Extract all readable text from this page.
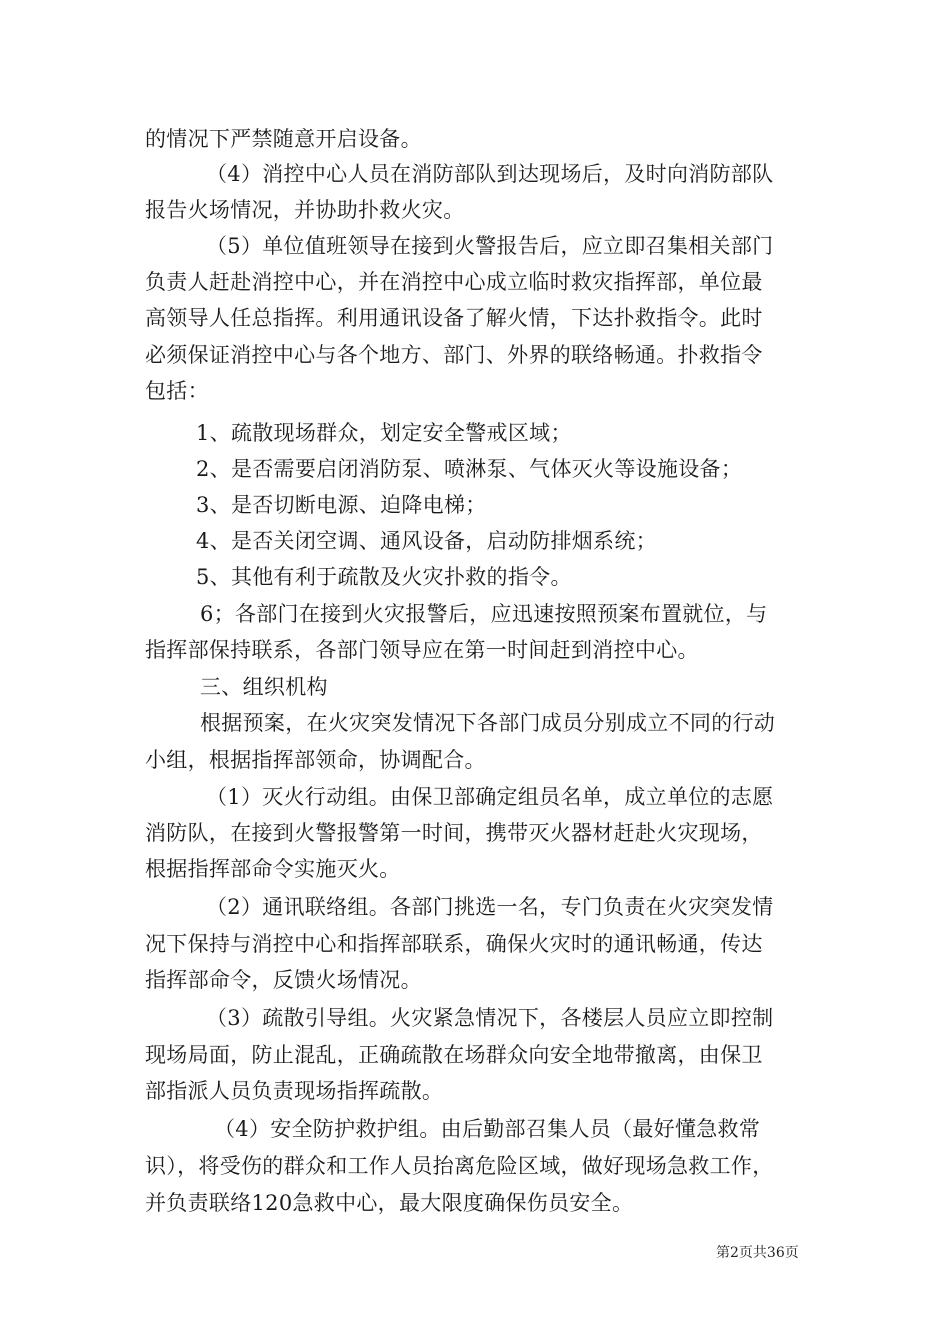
的情况下严禁随意开启设备。
（4）消控中心人员在消防部队到达现场后，及时向消防部队
报告火场情况，并协助扑救火灾。
（5）单位值班领导在接到火警报告后，应立即召集相关部门
负责人赶赴消控中心，并在消控中心成立临时救灾指挥部，单位最
高领导人任总指挥。利用通讯设备了解火情，下达扑救指令。此时
必须保证消控中心与各个地方、部门、外界的联络畅通。扑救指令
包括：
1、疏散现场群众，划定安全警戒区域；
2、是否需要启闭消防泵、喷淋泵、气体灭火等设施设备；
3、是否切断电源、迫降电梯；
4、是否关闭空调、通风设备，启动防排烟系统；
5、其他有利于疏散及火灾扑救的指令。
6；各部门在接到火灾报警后，应迅速按照预案布置就位，与
指挥部保持联系，各部门领导应在第一时间赶到消控中心。
三、组织机构
根据预案，在火灾突发情况下各部门成员分别成立不同的行动
小组，根据指挥部领命，协调配合。
（1）灭火行动组。由保卫部确定组员名单，成立单位的志愿
消防队，在接到火警报警第一时间，携带灭火器材赶赴火灾现场，
根据指挥部命令实施灭火。
（2）通讯联络组。各部门挑选一名，专门负责在火灾突发情
况下保持与消控中心和指挥部联系，确保火灾时的通讯畅通，传达
指挥部命令，反馈火场情况。
（3）疏散引导组。火灾紧急情况下，各楼层人员应立即控制
现场局面，防止混乱，正确疏散在场群众向安全地带撤离，由保卫
部指派人员负责现场指挥疏散。
（4）安全防护救护组。由后勤部召集人员（最好懂急救常
识），将受伤的群众和工作人员抬离危险区域，做好现场急救工作，
并负责联络120急救中心，最大限度确保伤员安全。
第2页共36页
